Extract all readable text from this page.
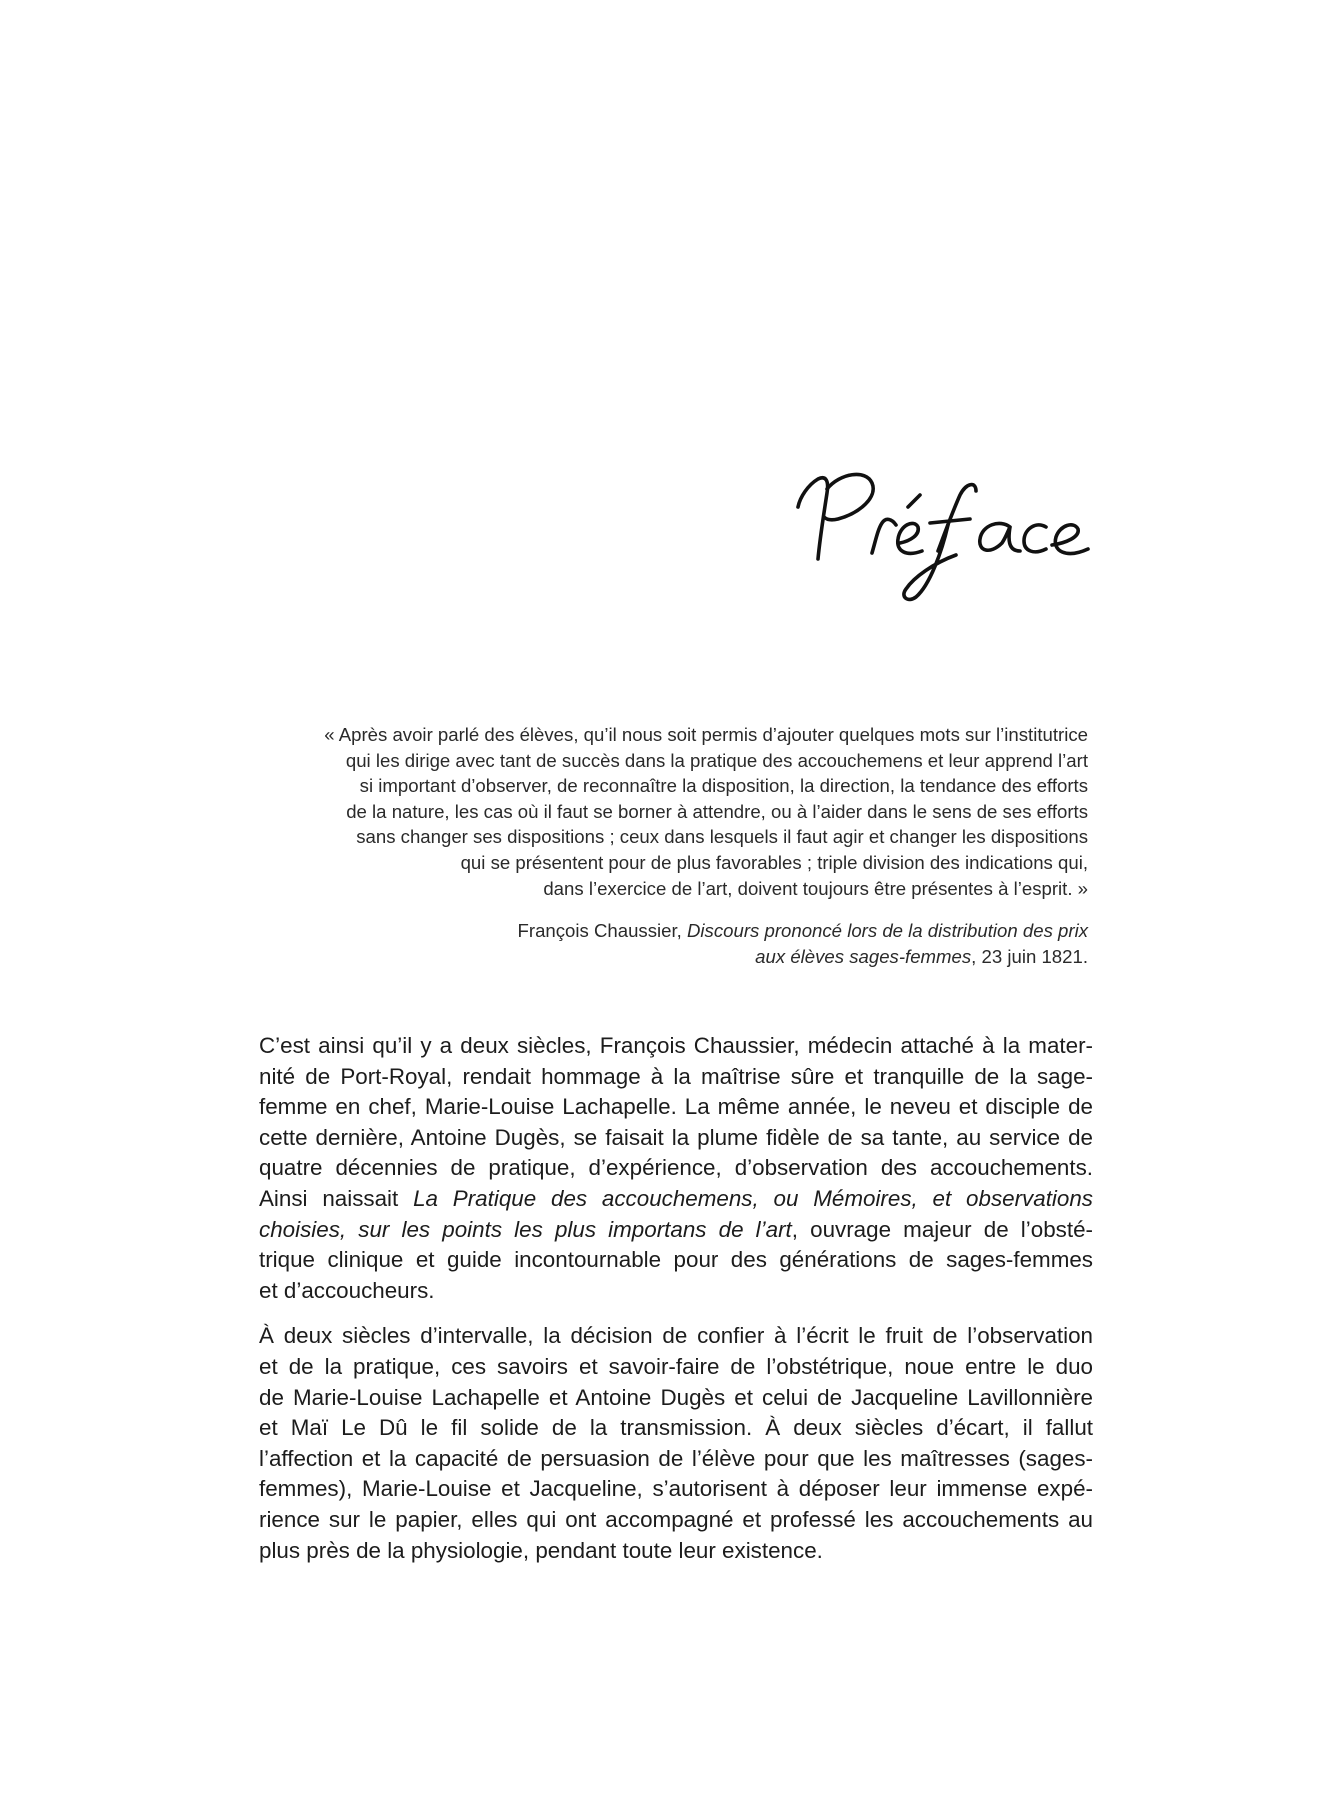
« Après avoir parlé des élèves, qu’il nous soit permis d’ajouter quelques mots sur l’institutrice
qui les dirige avec tant de succès dans la pratique des accouchemens et leur apprend l’art
si important d’observer, de reconnaître la disposition, la direction, la tendance des efforts
de la nature, les cas où il faut se borner à attendre, ou à l’aider dans le sens de ses efforts
sans changer ses dispositions ; ceux dans lesquels il faut agir et changer les dispositions
qui se présentent pour de plus favorables ; triple division des indications qui,
dans l’exercice de l’art, doivent toujours être présentes à l’esprit. »
François Chaussier, Discours prononcé lors de la distribution des prix
aux élèves sages-femmes, 23 juin 1821.
C’est ainsi qu’il y a deux siècles, François Chaussier, médecin attaché à la mater-
nité de Port-Royal, rendait hommage à la maîtrise sûre et tranquille de la sage-
femme en chef, Marie-Louise Lachapelle. La même année, le neveu et disciple de
cette dernière, Antoine Dugès, se faisait la plume fidèle de sa tante, au service de
quatre décennies de pratique, d’expérience, d’observation des accouchements.
Ainsi naissait La Pratique des accouchemens, ou Mémoires, et observations
choisies, sur les points les plus importans de l’art, ouvrage majeur de l’obsté-
trique clinique et guide incontournable pour des générations de sages-femmes
et d’accoucheurs.
À deux siècles d’intervalle, la décision de confier à l’écrit le fruit de l’observation
et de la pratique, ces savoirs et savoir-faire de l’obstétrique, noue entre le duo
de Marie-Louise Lachapelle et Antoine Dugès et celui de Jacqueline Lavillonnière
et Maï Le Dû le fil solide de la transmission. À deux siècles d’écart, il fallut
l’affection et la capacité de persuasion de l’élève pour que les maîtresses (sages-
femmes), Marie-Louise et Jacqueline, s’autorisent à déposer leur immense expé-
rience sur le papier, elles qui ont accompagné et professé les accouchements au
plus près de la physiologie, pendant toute leur existence.
